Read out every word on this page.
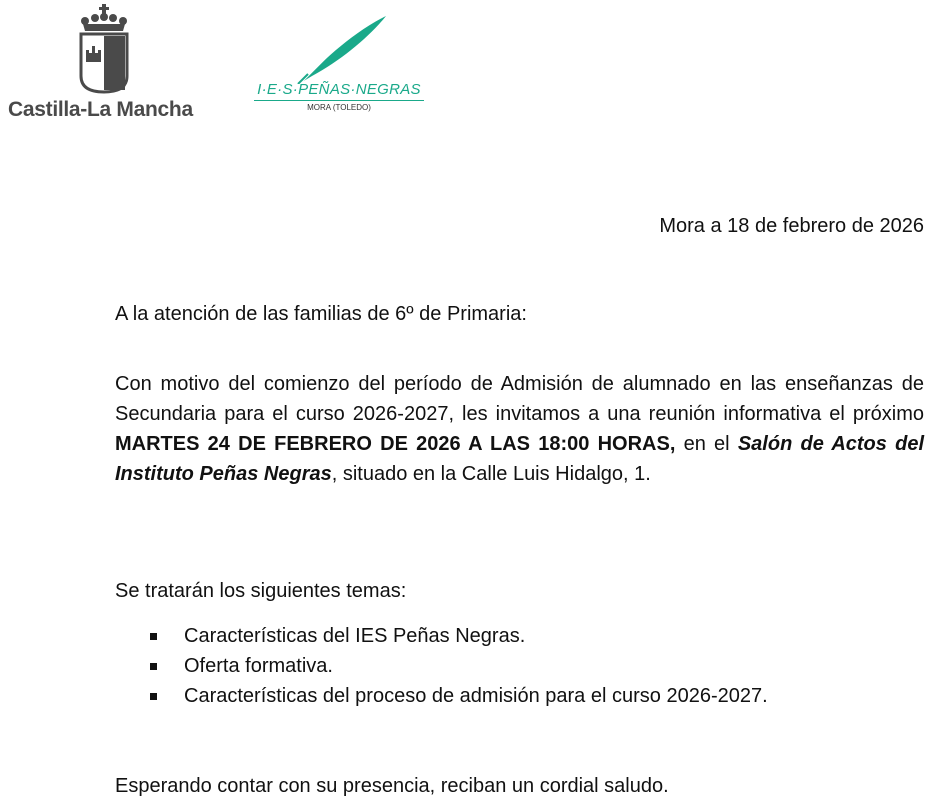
Castilla-La Mancha
I·E·S·PEÑAS·NEGRAS
MORA (TOLEDO)
Mora a 18 de febrero de 2026
A la atención de las familias de 6º de Primaria:
Con motivo del comienzo del período de Admisión de alumnado en las enseñanzas de Secundaria para el curso 2026-2027, les invitamos a una reunión informativa el próximo MARTES 24 DE FEBRERO DE 2026 A LAS 18:00 HORAS, en el Salón de Actos del Instituto Peñas Negras, situado en la Calle Luis Hidalgo, 1.
Se tratarán los siguientes temas:
Características del IES Peñas Negras.
Oferta formativa.
Características del proceso de admisión para el curso 2026-2027.
Esperando contar con su presencia, reciban un cordial saludo.
